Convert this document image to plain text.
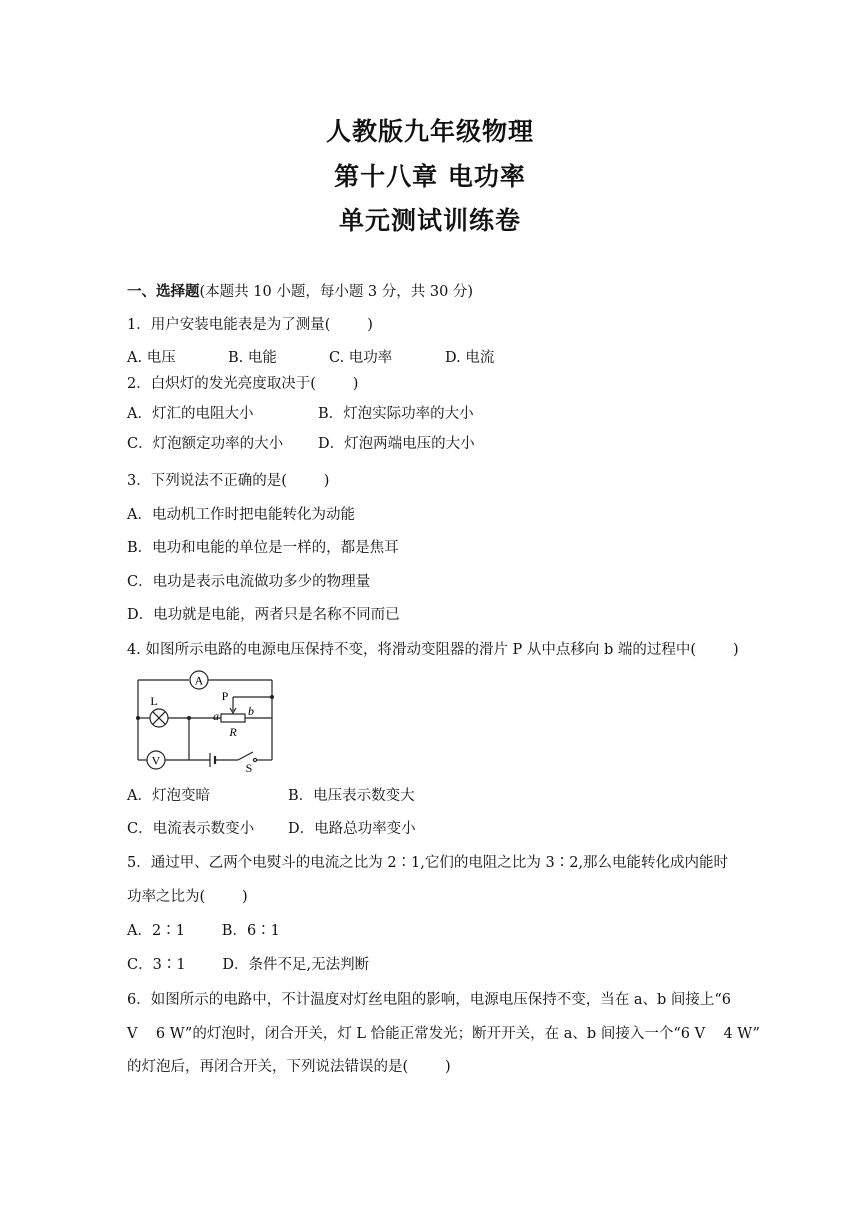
人教版九年级物理
第十八章 电功率
单元测试训练卷
一、选择题(本题共 10 小题，每小题 3 分，共 30 分)
1．用户安装电能表是为了测量(        )
A. 电压	B. 电能	C. 电功率	D. 电流
2．白炽灯的发光亮度取决于(        )
A．灯汇的电阻大小	B．灯泡实际功率的大小
C．灯泡额定功率的大小 D．灯泡两端电压的大小
3．下列说法不正确的是(        )
A．电动机工作时把电能转化为动能
B．电功和电能的单位是一样的，都是焦耳
C．电功是表示电流做功多少的物理量
D．电功就是电能，两者只是名称不同而已
4. 如图所示电路的电源电压保持不变，将滑动变阻器的滑片 P 从中点移向 b 端的过程中(        )
A
V
L	P
a b
R
S
A．灯泡变暗	B．电压表示数变大
C．电流表示数变小 D．电路总功率变小
5．通过甲、乙两个电熨斗的电流之比为 2∶1,它们的电阻之比为 3∶2,那么电能转化成内能时
功率之比为(        )
A．2∶1        B．6∶1
C．3∶1        D．条件不足,无法判断
6．如图所示的电路中，不计温度对灯丝电阻的影响，电源电压保持不变，当在 a、b 间接上“6
V    6 W”的灯泡时，闭合开关，灯 L 恰能正常发光；断开开关，在 a、b 间接入一个“6 V    4 W”
的灯泡后，再闭合开关，下列说法错误的是(        )
